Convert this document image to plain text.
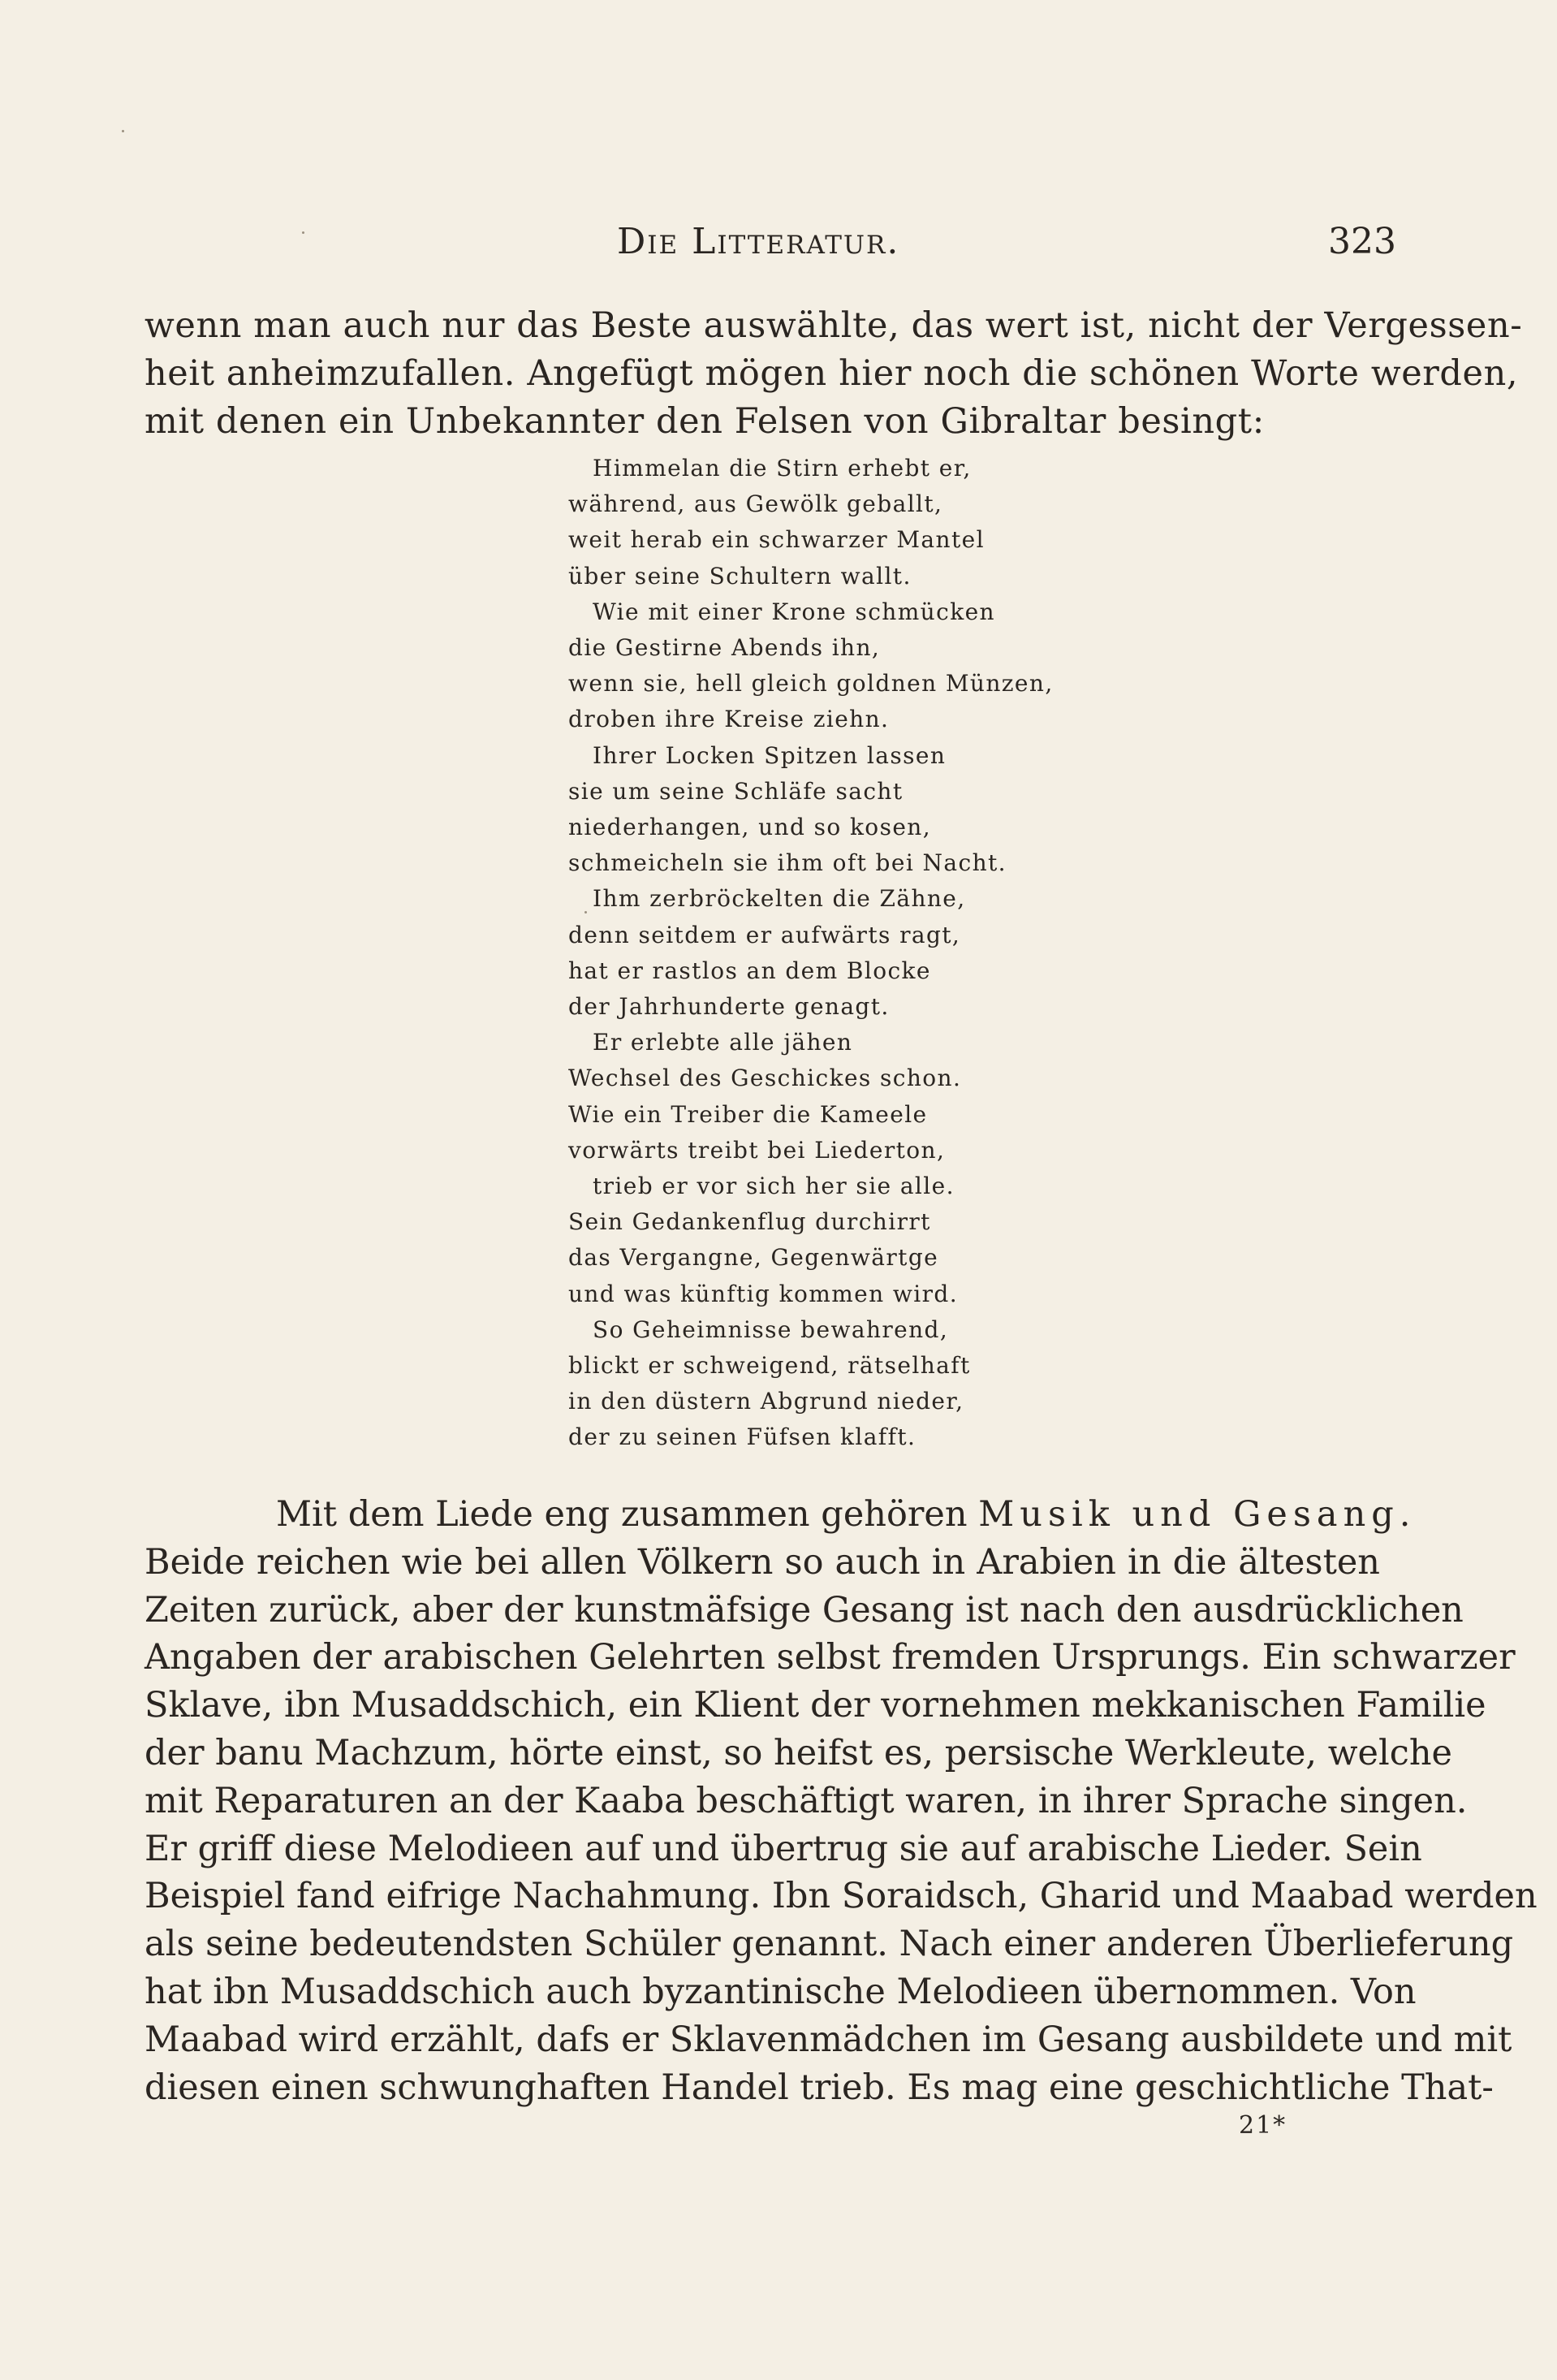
Die Litteratur.	323

wenn man auch nur das Beste auswählte, das wert ist, nicht der Vergessen-
heit anheimzufallen. Angefügt mögen hier noch die schönen Worte werden,
mit denen ein Unbekannter den Felsen von Gibraltar besingt:

Himmelan die Stirn erhebt er,
während, aus Gewölk geballt,
weit herab ein schwarzer Mantel
über seine Schultern wallt.
Wie mit einer Krone schmücken
die Gestirne Abends ihn,
wenn sie, hell gleich goldnen Münzen,
droben ihre Kreise ziehn.
Ihrer Locken Spitzen lassen
sie um seine Schläfe sacht
niederhangen, und so kosen,
schmeicheln sie ihm oft bei Nacht.
Ihm zerbröckelten die Zähne,
denn seitdem er aufwärts ragt,
hat er rastlos an dem Blocke
der Jahrhunderte genagt.
Er erlebte alle jähen
Wechsel des Geschickes schon.
Wie ein Treiber die Kameele
vorwärts treibt bei Liederton,
trieb er vor sich her sie alle.
Sein Gedankenflug durchirrt
das Vergangne, Gegenwärtge
und was künftig kommen wird.
So Geheimnisse bewahrend,
blickt er schweigend, rätselhaft
in den düstern Abgrund nieder,
der zu seinen Füfsen klafft.

Mit dem Liede eng zusammen gehören Musik und Gesang.
Beide reichen wie bei allen Völkern so auch in Arabien in die ältesten
Zeiten zurück, aber der kunstmäfsige Gesang ist nach den ausdrücklichen
Angaben der arabischen Gelehrten selbst fremden Ursprungs. Ein schwarzer
Sklave, ibn Musaddschich, ein Klient der vornehmen mekkanischen Familie
der banu Machzum, hörte einst, so heifst es, persische Werkleute, welche
mit Reparaturen an der Kaaba beschäftigt waren, in ihrer Sprache singen.
Er griff diese Melodieen auf und übertrug sie auf arabische Lieder. Sein
Beispiel fand eifrige Nachahmung. Ibn Soraidsch, Gharid und Maabad werden
als seine bedeutendsten Schüler genannt. Nach einer anderen Überlieferung
hat ibn Musaddschich auch byzantinische Melodieen übernommen. Von
Maabad wird erzählt, dafs er Sklavenmädchen im Gesang ausbildete und mit
diesen einen schwunghaften Handel trieb. Es mag eine geschichtliche That-

21*
